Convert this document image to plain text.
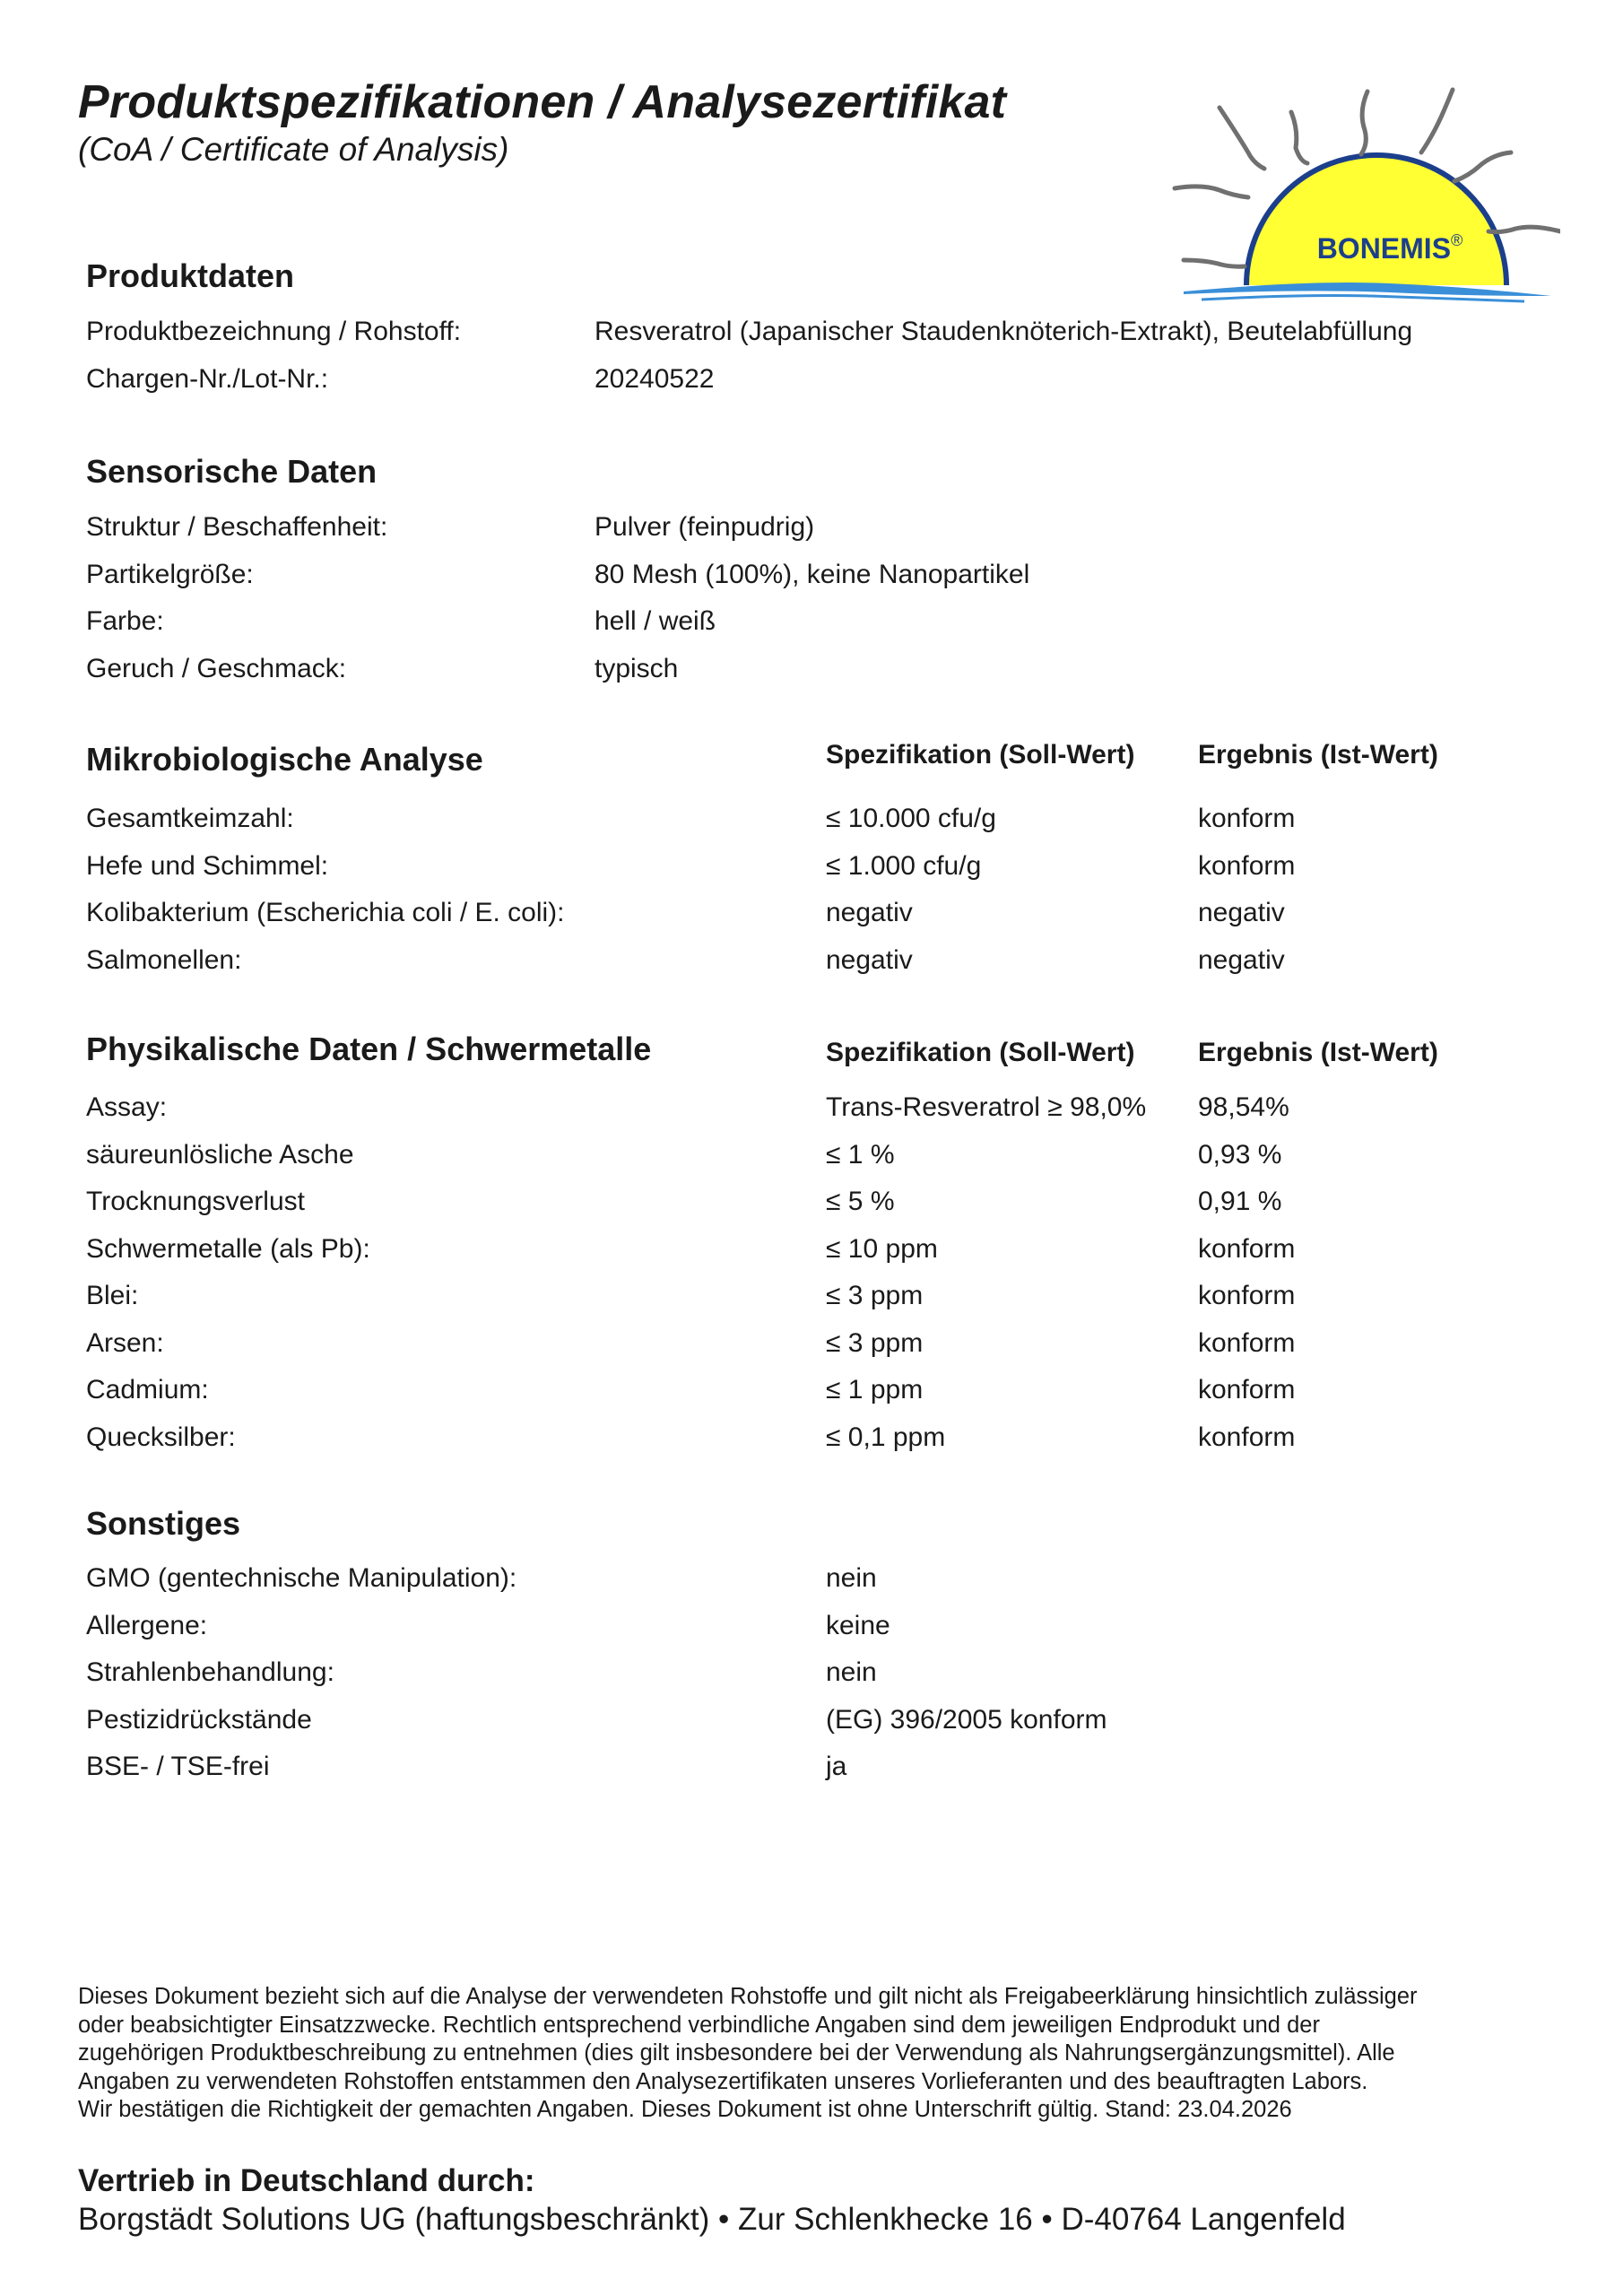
Produktspezifikationen / Analysezertifikat
(CoA / Certificate of Analysis)
BONEMIS®
Produktdaten
Produktbezeichnung / Rohstoff:	Resveratrol (Japanischer Staudenknöterich-Extrakt), Beutelabfüllung
Chargen-Nr./Lot-Nr.:	20240522
Sensorische Daten
Struktur / Beschaffenheit:	Pulver (feinpudrig)
Partikelgröße:	80 Mesh (100%), keine Nanopartikel
Farbe:	hell / weiß
Geruch / Geschmack:	typisch
Mikrobiologische Analyse	Spezifikation (Soll-Wert) Ergebnis (Ist-Wert)
Gesamtkeimzahl:	≤ 10.000 cfu/g	konform
Hefe und Schimmel:	≤ 1.000 cfu/g	konform
Kolibakterium (Escherichia coli / E. coli):	negativ	negativ
Salmonellen:	negativ	negativ
Physikalische Daten / Schwermetalle	Spezifikation (Soll-Wert) Ergebnis (Ist-Wert)
Assay:	Trans-Resveratrol ≥ 98,0% 98,54%
säureunlösliche Asche	≤ 1 %	0,93 %
Trocknungsverlust	≤ 5 %	0,91 %
Schwermetalle (als Pb):	≤ 10 ppm	konform
Blei:	≤ 3 ppm	konform
Arsen:	≤ 3 ppm	konform
Cadmium:	≤ 1 ppm	konform
Quecksilber:	≤ 0,1 ppm	konform
Sonstiges
GMO (gentechnische Manipulation):	nein
Allergene:	keine
Strahlenbehandlung:	nein
Pestizidrückstände	(EG) 396/2005 konform
BSE- / TSE-frei	ja
Dieses Dokument bezieht sich auf die Analyse der verwendeten Rohstoffe und gilt nicht als Freigabeerklärung hinsichtlich zulässiger
oder beabsichtigter Einsatzzwecke. Rechtlich entsprechend verbindliche Angaben sind dem jeweiligen Endprodukt und der
zugehörigen Produktbeschreibung zu entnehmen (dies gilt insbesondere bei der Verwendung als Nahrungsergänzungsmittel). Alle
Angaben zu verwendeten Rohstoffen entstammen den Analysezertifikaten unseres Vorlieferanten und des beauftragten Labors.
Wir bestätigen die Richtigkeit der gemachten Angaben. Dieses Dokument ist ohne Unterschrift gültig. Stand: 23.04.2026
Vertrieb in Deutschland durch:
Borgstädt Solutions UG (haftungsbeschränkt) • Zur Schlenkhecke 16 • D-40764 Langenfeld
